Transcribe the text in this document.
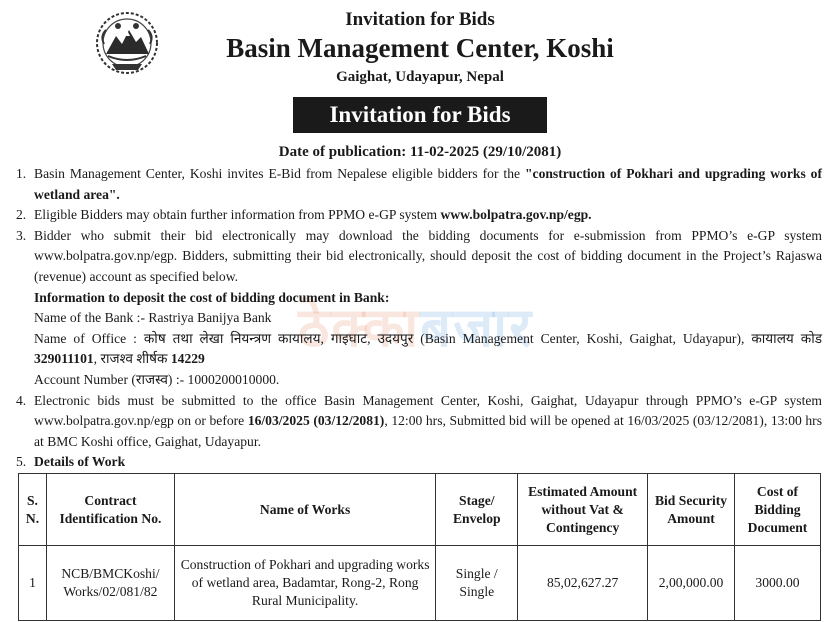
Invitation for Bids
Basin Management Center, Koshi
Gaighat, Udayapur, Nepal
Invitation for Bids
Date of publication: 11-02-2025 (29/10/2081)
ठेक्काबजार
1. Basin Management Center, Koshi invites E-Bid from Nepalese eligible bidders for the "construction of Pokhari and upgrading works of wetland area".
2. Eligible Bidders may obtain further information from PPMO e-GP system www.bolpatra.gov.np/egp.
3. Bidder who submit their bid electronically may download the bidding documents for e-submission from PPMO’s e-GP system www.bolpatra.gov.np/egp. Bidders, submitting their bid electronically, should deposit the cost of bidding document in the Project’s Rajaswa (revenue) account as specified below.
Information to deposit the cost of bidding document in Bank:
Name of the Bank :- Rastriya Banijya Bank
Name of Office : कोष तथा लेखा नियन्त्रण कायालय, गाइघाट, उदयपुर (Basin Management Center, Koshi, Gaighat, Udayapur), कायालय कोड 329011101, राजश्व शीर्षक 14229
Account Number (राजस्व) :- 1000200010000.
4. Electronic bids must be submitted to the office Basin Management Center, Koshi, Gaighat, Udayapur through PPMO’s e-GP system www.bolpatra.gov.np/egp on or before 16/03/2025 (03/12/2081), 12:00 hrs, Submitted bid will be opened at 16/03/2025 (03/12/2081), 13:00 hrs at BMC Koshi office, Gaighat, Udayapur.
5. Details of Work
S. N.	Contract Identification No.	Name of Works	Stage/ Envelop	Estimated Amount without Vat & Contingency	Bid Security Amount	Cost of Bidding Document
1	NCB/BMCKoshi/ Works/02/081/82	Construction of Pokhari and upgrading works of wetland area, Badamtar, Rong-2, Rong Rural Municipality.	Single / Single	85,02,627.27	2,00,000.00	3000.00
